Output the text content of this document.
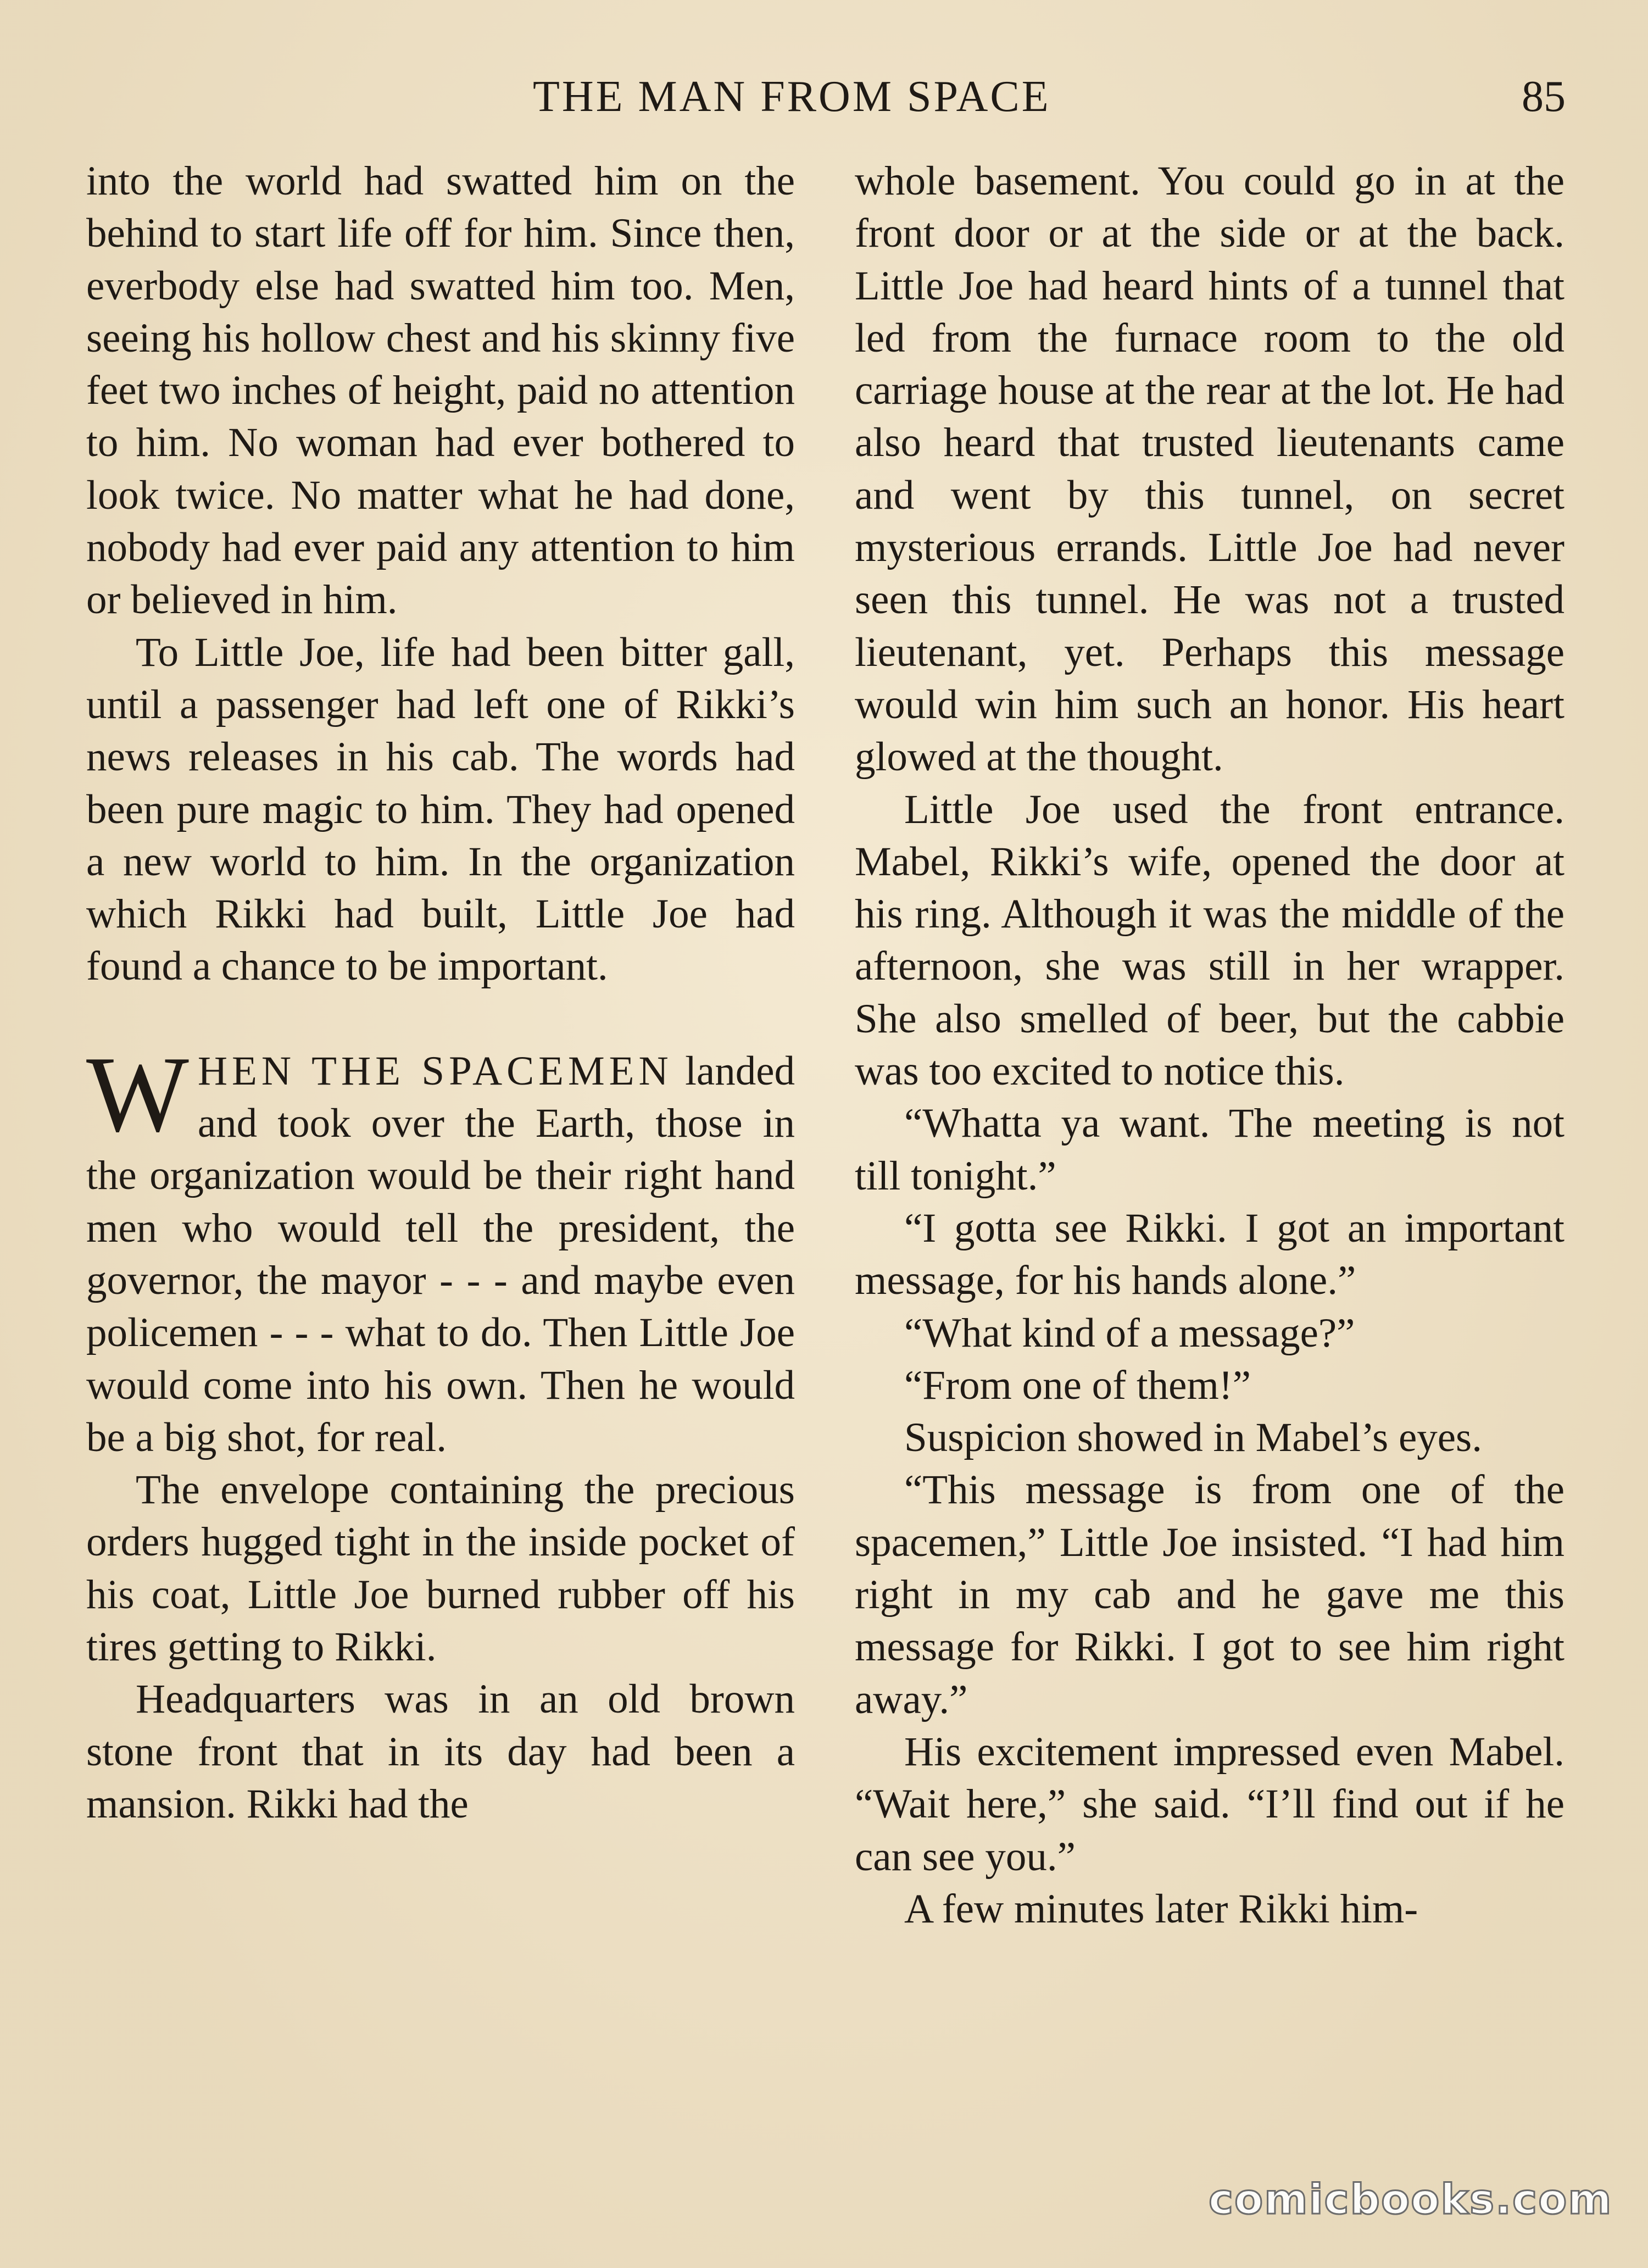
THE MAN FROM SPACE	85

into the world had swatted him on the behind to start life off for him. Since then, everbody else had swatted him too. Men, seeing his hollow chest and his skinny five feet two inches of height, paid no attention to him. No woman had ever bothered to look twice. No matter what he had done, nobody had ever paid any attention to him or believed in him.

To Little Joe, life had been bitter gall, until a passenger had left one of Rikki’s news releases in his cab. The words had been pure magic to him. They had opened a new world to him. In the organization which Rikki had built, Little Joe had found a chance to be important.

WHEN THE SPACEMEN landed and took over the Earth, those in the organization would be their right hand men who would tell the president, the governor, the mayor - - - and maybe even policemen - - - what to do. Then Little Joe would come into his own. Then he would be a big shot, for real.

The envelope containing the precious orders hugged tight in the inside pocket of his coat, Little Joe burned rubber off his tires getting to Rikki.

Headquarters was in an old brown stone front that in its day had been a mansion. Rikki had the

whole basement. You could go in at the front door or at the side or at the back. Little Joe had heard hints of a tunnel that led from the furnace room to the old carriage house at the rear at the lot. He had also heard that trusted lieutenants came and went by this tunnel, on secret mysterious errands. Little Joe had never seen this tunnel. He was not a trusted lieutenant, yet. Perhaps this message would win him such an honor. His heart glowed at the thought.

Little Joe used the front entrance. Mabel, Rikki’s wife, opened the door at his ring. Although it was the middle of the afternoon, she was still in her wrapper. She also smelled of beer, but the cabbie was too excited to notice this.

“Whatta ya want. The meeting is not till tonight.”

“I gotta see Rikki. I got an important message, for his hands alone.”

“What kind of a message?”

“From one of them!”

Suspicion showed in Mabel’s eyes.

“This message is from one of the spacemen,” Little Joe insisted. “I had him right in my cab and he gave me this message for Rikki. I got to see him right away.”

His excitement impressed even Mabel. “Wait here,” she said. “I’ll find out if he can see you.”

A few minutes later Rikki him-

comicbooks.com
